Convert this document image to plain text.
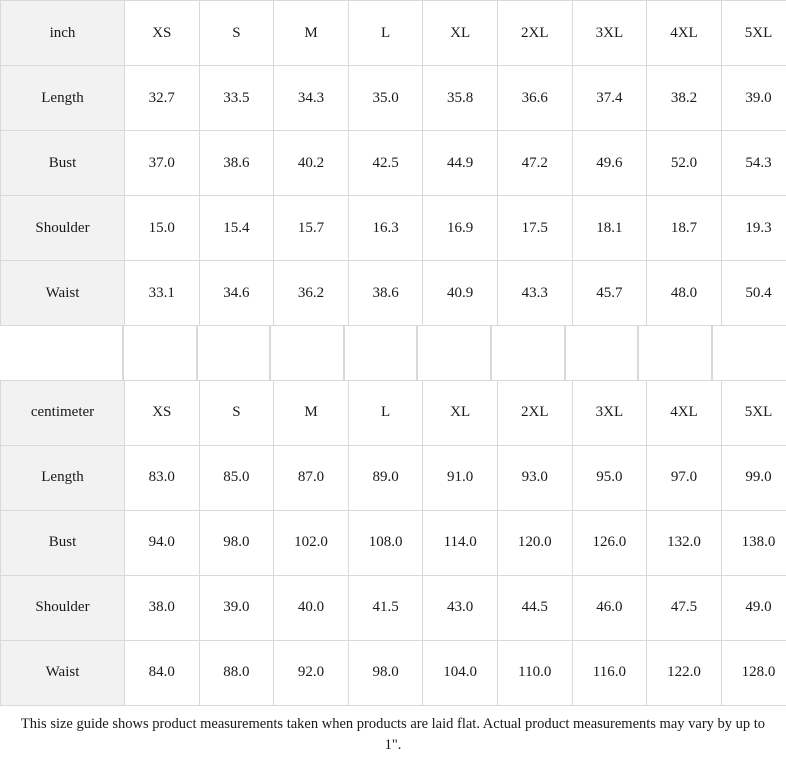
inch	XS	S	M	L	XL	2XL	3XL	4XL	5XL
Length	32.7	33.5	34.3	35.0	35.8	36.6	37.4	38.2	39.0
Bust	37.0	38.6	40.2	42.5	44.9	47.2	49.6	52.0	54.3
Shoulder	15.0	15.4	15.7	16.3	16.9	17.5	18.1	18.7	19.3
Waist	33.1	34.6	36.2	38.6	40.9	43.3	45.7	48.0	50.4
centimeter	XS	S	M	L	XL	2XL	3XL	4XL	5XL
Length	83.0	85.0	87.0	89.0	91.0	93.0	95.0	97.0	99.0
Bust	94.0	98.0	102.0	108.0	114.0	120.0	126.0	132.0	138.0
Shoulder	38.0	39.0	40.0	41.5	43.0	44.5	46.0	47.5	49.0
Waist	84.0	88.0	92.0	98.0	104.0	110.0	116.0	122.0	128.0
This size guide shows product measurements taken when products are laid flat. Actual product measurements may vary by up to 1".
